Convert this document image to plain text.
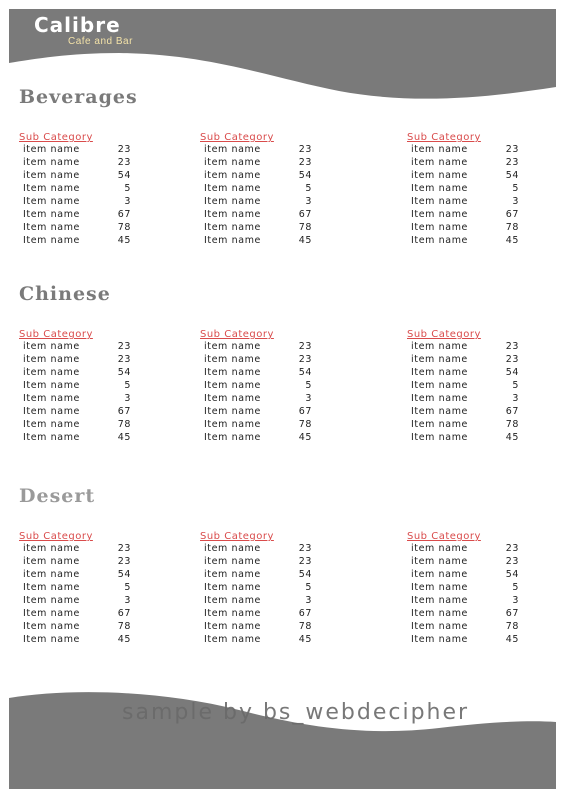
Calibre
Cafe and Bar
Beverages
Sub Category
item name	23
item name	23
item name	54
Item name	5
Item name	3
Item name	67
Item name	78
Item name	45
Sub Category
item name	23
item name	23
item name	54
Item name	5
Item name	3
Item name	67
Item name	78
Item name	45
Sub Category
item name	23
item name	23
item name	54
Item name	5
Item name	3
Item name	67
Item name	78
Item name	45
Chinese
Sub Category
item name	23
item name	23
item name	54
Item name	5
Item name	3
Item name	67
Item name	78
Item name	45
Sub Category
item name	23
item name	23
Item name	54
Item name	5
Item name	3
Item name	67
Item name	78
Item name	45
Sub Category
item name	23
item name	23
Item name	54
Item name	5
Item name	3
Item name	67
Item name	78
Item name	45
Desert
Sub Category
item name	23
item name	23
item name	54
Item name	5
Item name	3
Item name	67
Item name	78
Item name	45
Sub Category
item name	23
item name	23
item name	54
Item name	5
Item name	3
Item name	67
Item name	78
Item name	45
Sub Category
item name	23
item name	23
item name	54
Item name	5
Item name	3
Item name	67
Item name	78
Item name	45
sample by bs_webdecipher
